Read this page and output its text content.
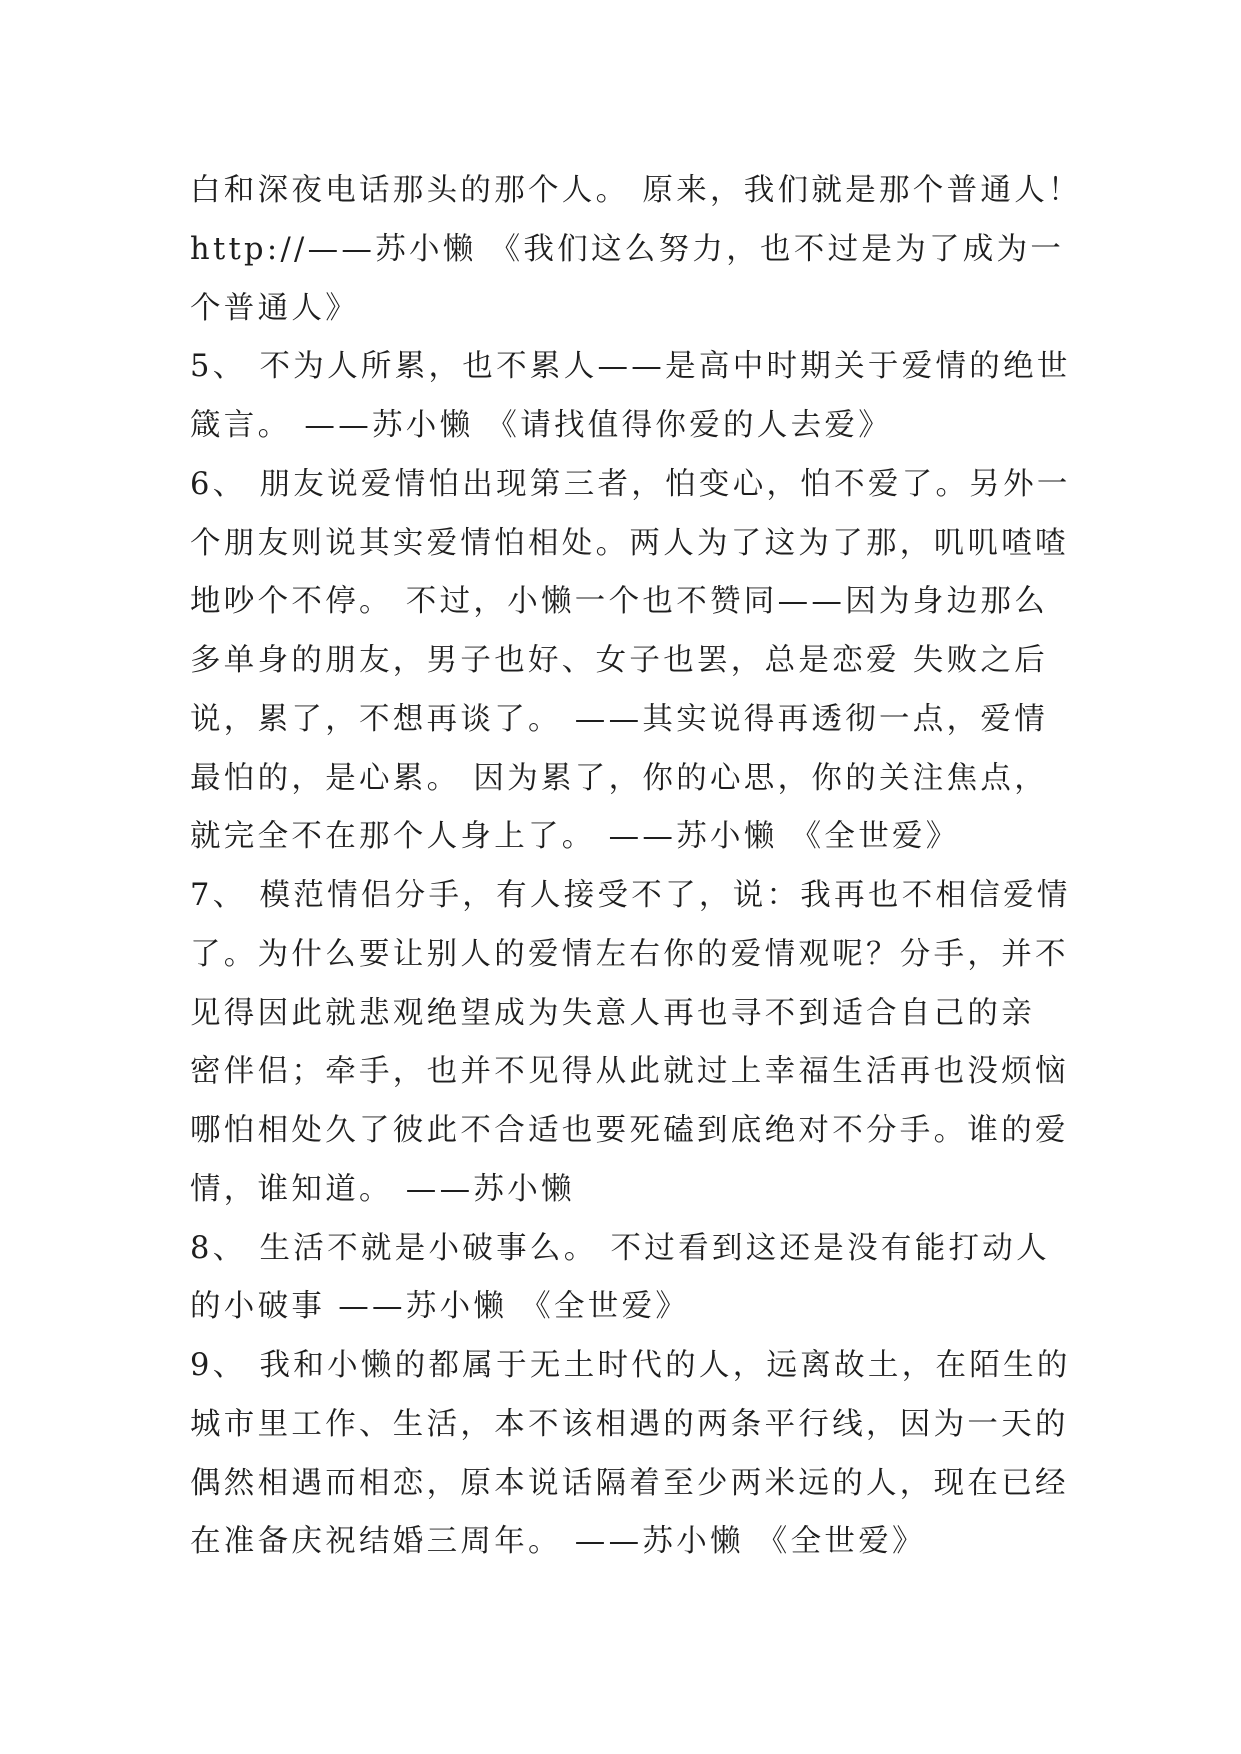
白和深夜电话那头的那个人。 原来，我们就是那个普通人！
http://——苏小懒 《我们这么努力，也不过是为了成为一
个普通人》
5、 不为人所累，也不累人——是高中时期关于爱情的绝世
箴言。 ——苏小懒 《请找值得你爱的人去爱》
6、 朋友说爱情怕出现第三者，怕变心，怕不爱了。另外一
个朋友则说其实爱情怕相处。两人为了这为了那，叽叽喳喳
地吵个不停。 不过，小懒一个也不赞同——因为身边那么
多单身的朋友，男子也好、女子也罢，总是恋爱 失败之后
说，累了，不想再谈了。 ——其实说得再透彻一点，爱情
最怕的，是心累。 因为累了，你的心思，你的关注焦点，
就完全不在那个人身上了。 ——苏小懒 《全世爱》
7、 模范情侣分手，有人接受不了，说：我再也不相信爱情
了。为什么要让别人的爱情左右你的爱情观呢？分手，并不
见得因此就悲观绝望成为失意人再也寻不到适合自己的亲
密伴侣；牵手，也并不见得从此就过上幸福生活再也没烦恼
哪怕相处久了彼此不合适也要死磕到底绝对不分手。谁的爱
情，谁知道。 ——苏小懒
8、 生活不就是小破事么。 不过看到这还是没有能打动人
的小破事 ——苏小懒 《全世爱》
9、 我和小懒的都属于无土时代的人，远离故土，在陌生的
城市里工作、生活，本不该相遇的两条平行线，因为一天的
偶然相遇而相恋，原本说话隔着至少两米远的人，现在已经
在准备庆祝结婚三周年。 ——苏小懒 《全世爱》
